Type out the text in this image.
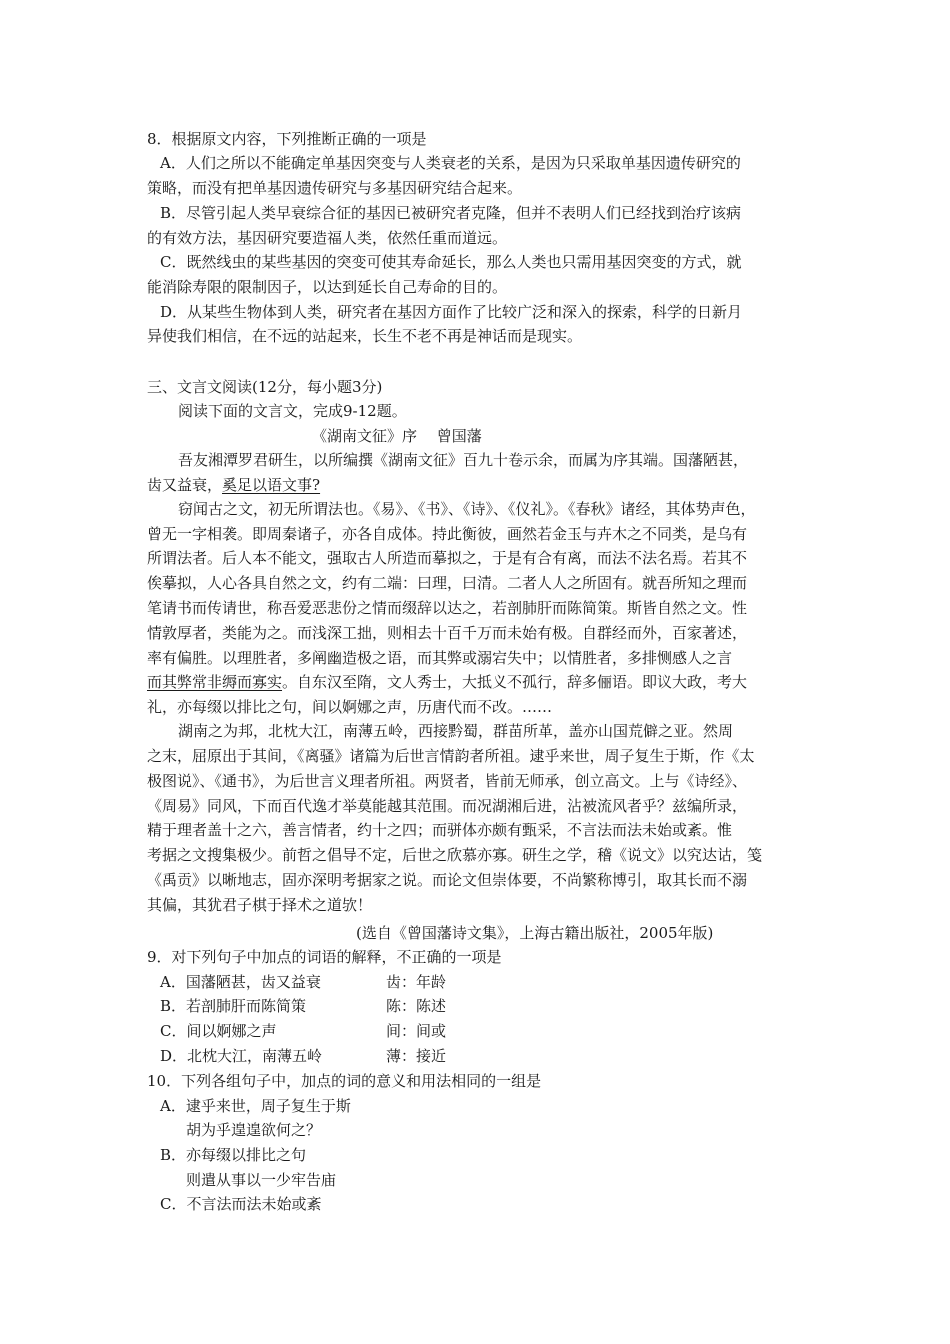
8．根据原文内容，下列推断正确的一项是
A．人们之所以不能确定单基因突变与人类衰老的关系，是因为只采取单基因遗传研究的
策略，而没有把单基因遗传研究与多基因研究结合起来。
B．尽管引起人类早衰综合征的基因已被研究者克隆，但并不表明人们已经找到治疗该病
的有效方法，基因研究要造福人类，依然任重而道远。
C．既然线虫的某些基因的突变可使其寿命延长，那么人类也只需用基因突变的方式，就
能消除寿限的限制因子，以达到延长自己寿命的目的。
D．从某些生物体到人类，研究者在基因方面作了比较广泛和深入的探索，科学的日新月
异使我们相信，在不远的站起来，长生不老不再是神话而是现实。
三、文言文阅读(12分，每小题3分)
阅读下面的文言文，完成9-12题。
《湖南文征》序　 曾国藩
吾友湘潭罗君研生，以所编撰《湖南文征》百九十卷示余，而属为序其端。国藩陋甚，
齿又益衰，奚足以语文事?
窃闻古之文，初无所谓法也。《易》、《书》、《诗》、《仪礼》。《春秋》诸经，其体势声色，
曾无一字相袭。即周秦诸子，亦各自成体。持此衡彼，画然若金玉与卉木之不同类，是乌有
所谓法者。后人本不能文，强取古人所造而摹拟之，于是有合有离，而法不法名焉。若其不
俟摹拟，人心各具自然之文，约有二端：曰理，曰清。二者人人之所固有。就吾所知之理而
笔请书而传请世，称吾爱恶悲份之情而缀辞以达之，若剖肺肝而陈简策。斯皆自然之文。性
情敦厚者，类能为之。而浅深工拙，则相去十百千万而未始有极。自群经而外，百家著述，
率有偏胜。以理胜者，多阐幽造极之语，而其弊或溺宕失中；以情胜者，多排恻感人之言
而其弊常非缛而寡实。自东汉至隋，文人秀士，大抵义不孤行，辞多俪语。即议大政，考大
礼，亦每缀以排比之句，间以婀娜之声，历唐代而不改。……
湖南之为邦，北枕大江，南薄五岭，西接黔蜀，群苗所革，盖亦山国荒僻之亚。然周
之末，屈原出于其间，《离骚》诸篇为后世言情韵者所祖。逮乎来世，周子复生于斯，作《太
极图说》、《通书》，为后世言义理者所祖。两贤者，皆前无师承，创立高文。上与《诗经》、
《周易》同风，下而百代逸才举莫能越其范围。而况湖湘后进，沾被流风者乎？兹编所录，
精于理者盖十之六，善言情者，约十之四；而骈体亦颇有甄采，不言法而法未始或紊。惟
考据之文搜集极少。前哲之倡导不定，后世之欣慕亦寡。研生之学，稽《说文》以究达诂，笺
《禹贡》以晰地志，固亦深明考据家之说。而论文但崇体要，不尚繁称博引，取其长而不溺
其偏，其犹君子棋于择术之道欤！
(选自《曾国藩诗文集》，上海古籍出版社，2005年版)
9．对下列句子中加点的词语的解释，不正确的一项是
A．国藩陋甚，齿又益衰	齿：年龄
B．若剖肺肝而陈简策	陈：陈述
C．间以婀娜之声	间：间或
D．北枕大江，南薄五岭	薄：接近
10．下列各组句子中，加点的词的意义和用法相同的一组是
A．逮乎来世，周子复生于斯
胡为乎遑遑欲何之？
B．亦每缀以排比之句
则遣从事以一少牢告庙
C．不言法而法未始或紊
